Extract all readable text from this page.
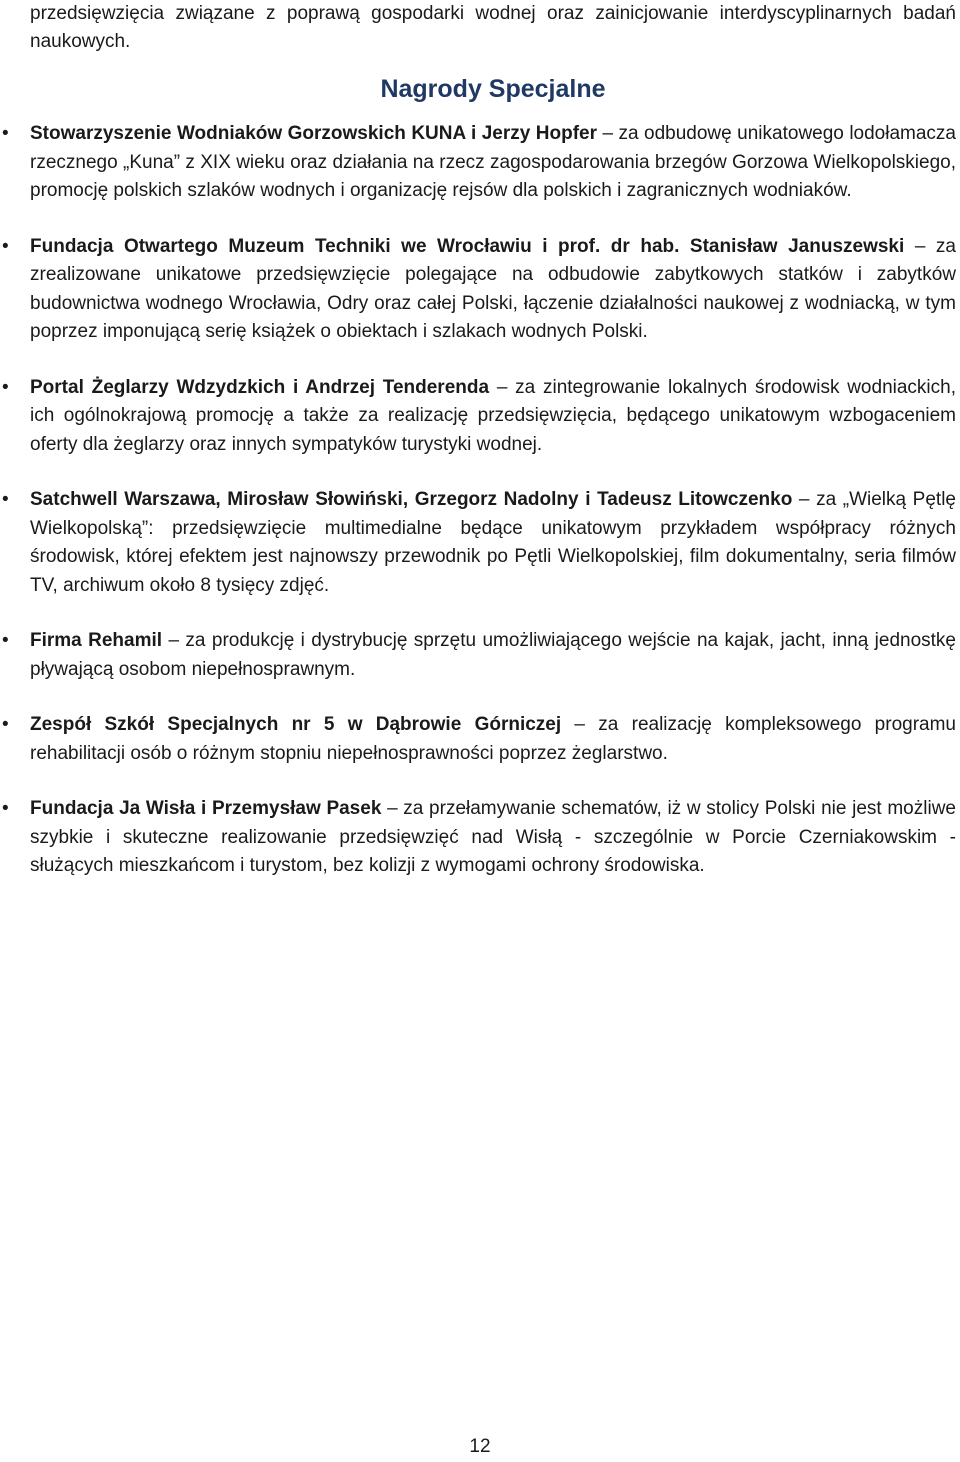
przedsięwzięcia związane z poprawą gospodarki wodnej oraz zainicjowanie interdyscyplinarnych badań naukowych.

Nagrody Specjalne
• Stowarzyszenie Wodniaków Gorzowskich KUNA i Jerzy Hopfer – za odbudowę unikatowego lodołamacza rzecznego „Kuna” z XIX wieku oraz działania na rzecz zagospodarowania brzegów Gorzowa Wielkopolskiego, promocję polskich szlaków wodnych i organizację rejsów dla polskich i zagranicznych wodniaków.
• Fundacja Otwartego Muzeum Techniki we Wrocławiu i prof. dr hab. Stanisław Januszewski – za zrealizowane unikatowe przedsięwzięcie polegające na odbudowie zabytkowych statków i zabytków budownictwa wodnego Wrocławia, Odry oraz całej Polski, łączenie działalności naukowej z wodniacką, w tym poprzez imponującą serię książek o obiektach i szlakach wodnych Polski.
• Portal Żeglarzy Wdzydzkich i Andrzej Tenderenda – za zintegrowanie lokalnych środowisk wodniackich, ich ogólnokrajową promocję a także za realizację przedsięwzięcia, będącego unikatowym wzbogaceniem oferty dla żeglarzy oraz innych sympatyków turystyki wodnej.
• Satchwell Warszawa, Mirosław Słowiński, Grzegorz Nadolny i Tadeusz Litowczenko – za „Wielką Pętlę Wielkopolską”: przedsięwzięcie multimedialne będące unikatowym przykładem współpracy różnych środowisk, której efektem jest najnowszy przewodnik po Pętli Wielkopolskiej, film dokumentalny, seria filmów TV, archiwum około 8 tysięcy zdjęć.
• Firma Rehamil – za produkcję i dystrybucję sprzętu umożliwiającego wejście na kajak, jacht, inną jednostkę pływającą osobom niepełnosprawnym.
• Zespół Szkół Specjalnych nr 5 w Dąbrowie Górniczej – za realizację kompleksowego programu rehabilitacji osób o różnym stopniu niepełnosprawności poprzez żeglarstwo.
• Fundacja Ja Wisła i Przemysław Pasek – za przełamywanie schematów, iż w stolicy Polski nie jest możliwe szybkie i skuteczne realizowanie przedsięwzięć nad Wisłą - szczególnie w Porcie Czerniakowskim - służących mieszkańcom i turystom, bez kolizji z wymogami ochrony środowiska.
12
